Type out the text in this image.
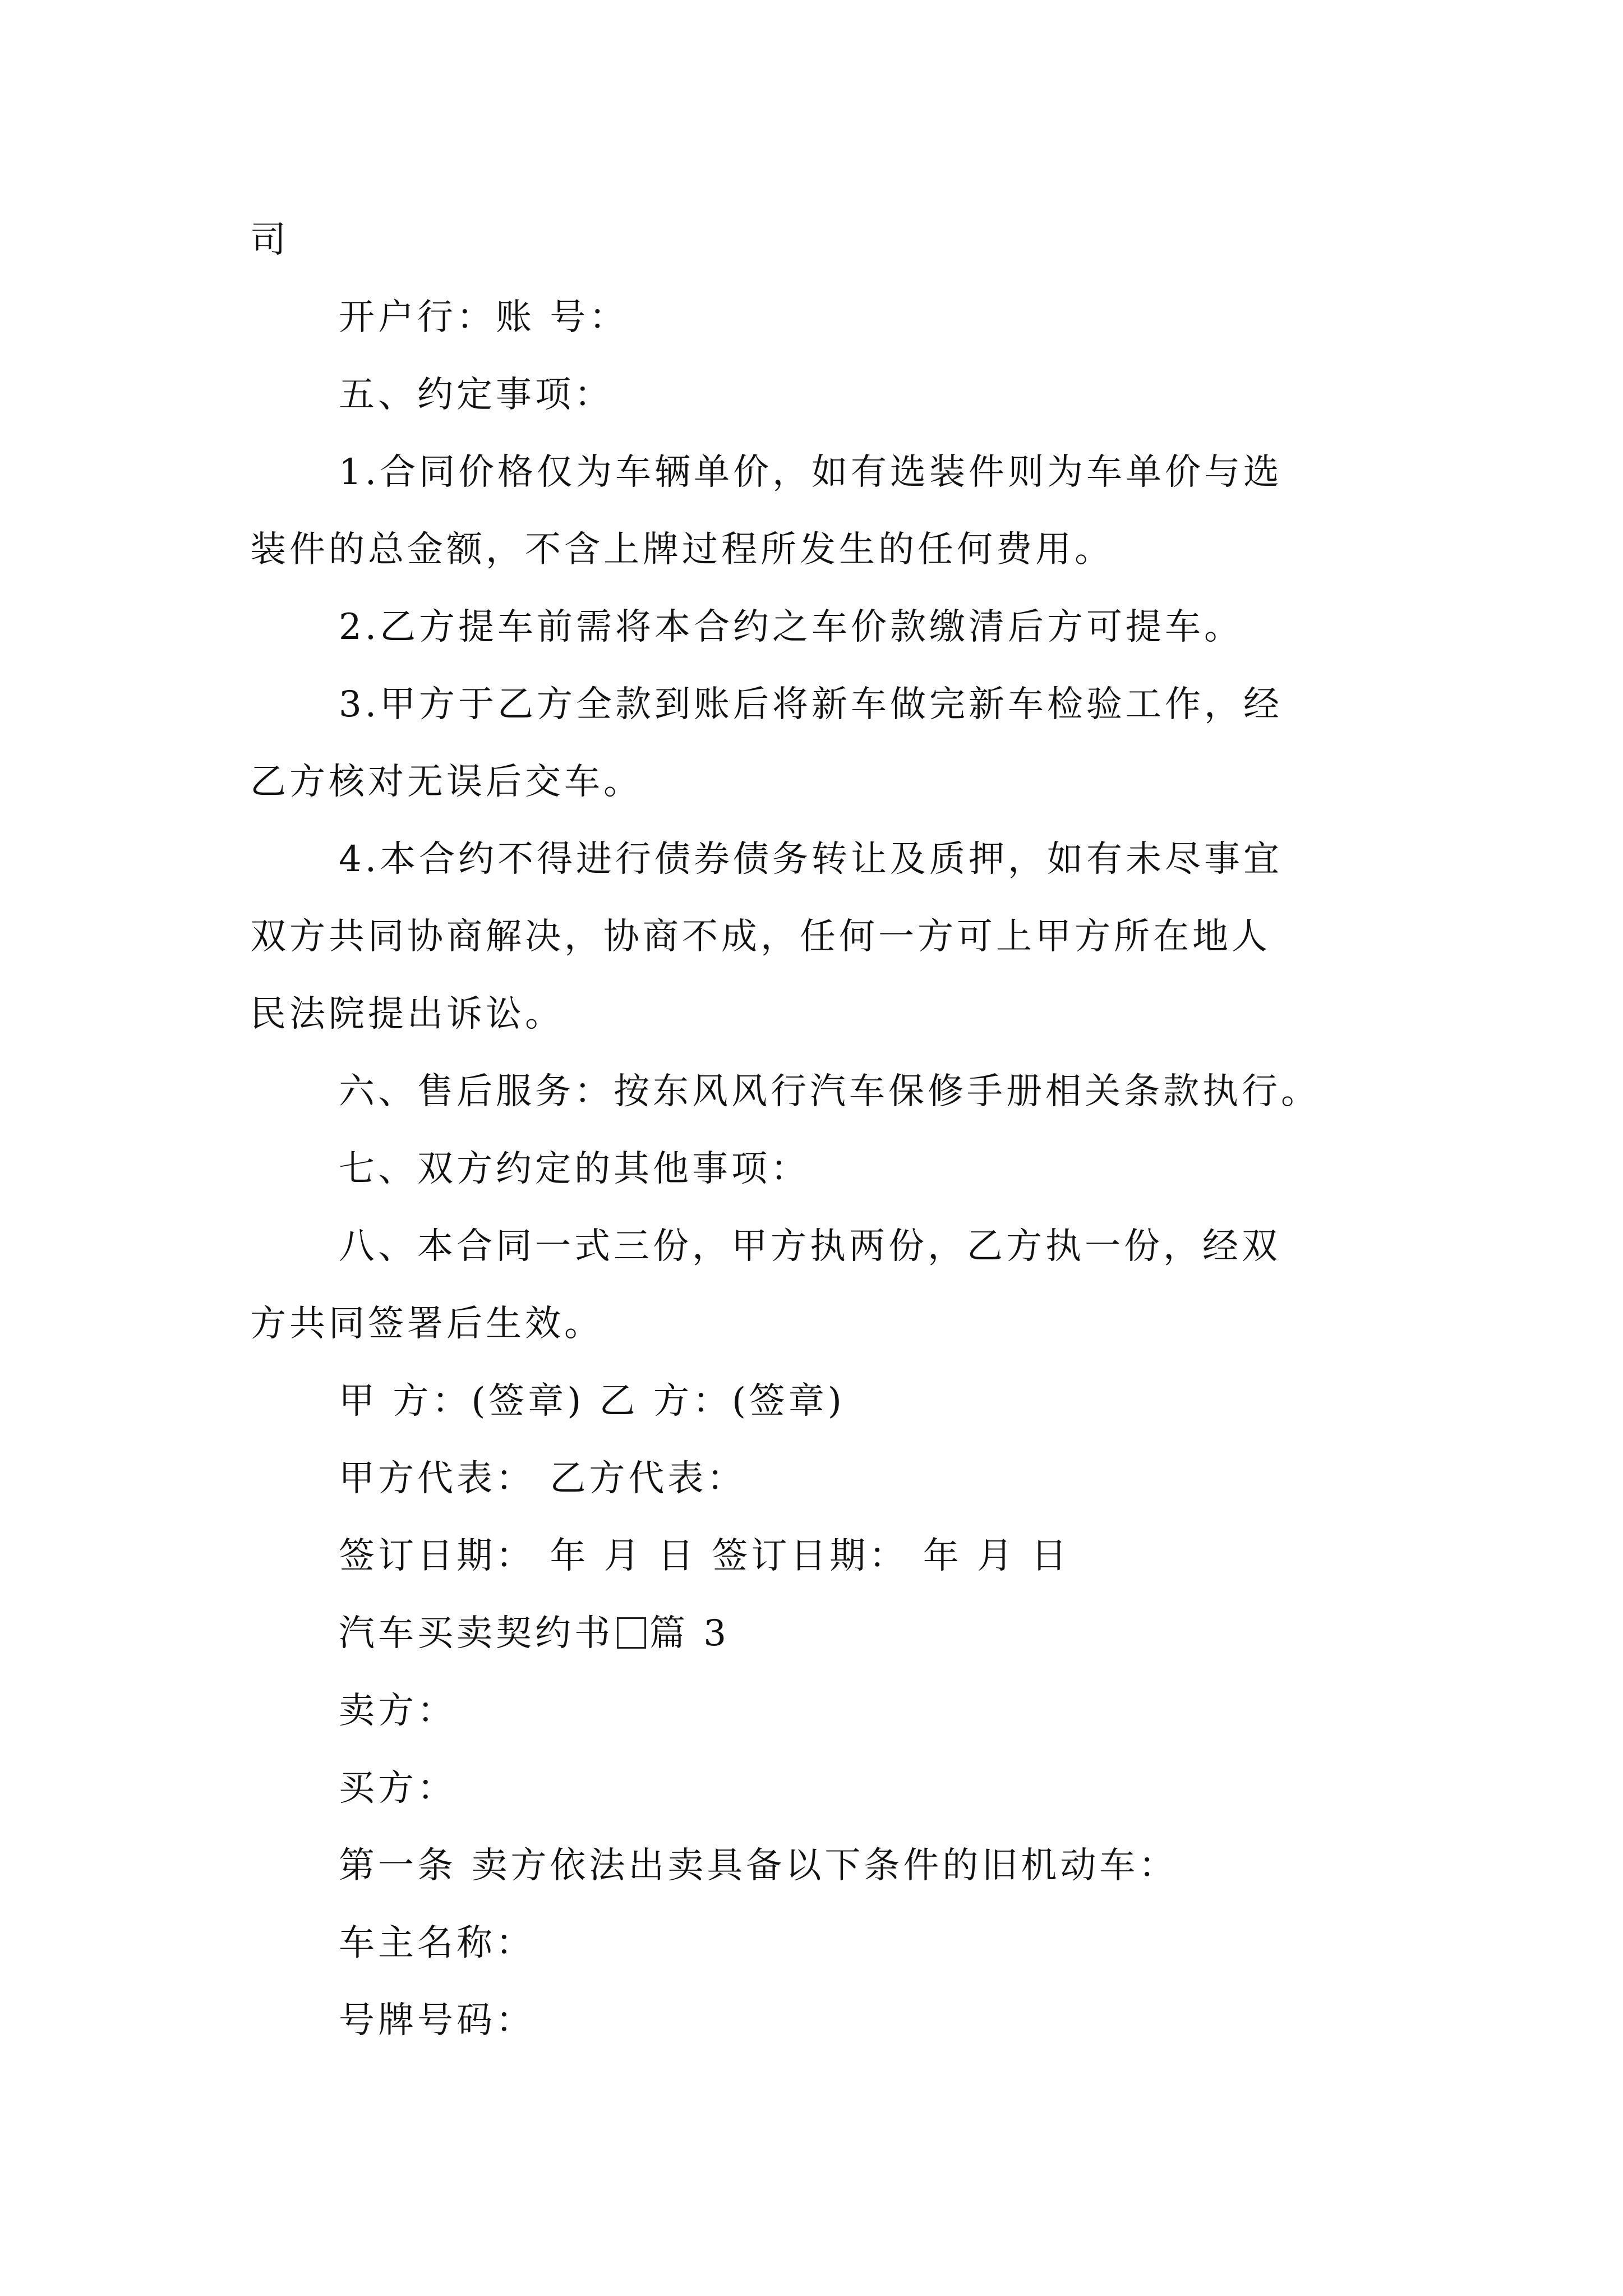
司
开户行：账 号：
五、约定事项：
1.合同价格仅为车辆单价，如有选装件则为车单价与选
装件的总金额，不含上牌过程所发生的任何费用。
2.乙方提车前需将本合约之车价款缴清后方可提车。
3.甲方于乙方全款到账后将新车做完新车检验工作，经
乙方核对无误后交车。
4.本合约不得进行债券债务转让及质押，如有未尽事宜
双方共同协商解决，协商不成，任何一方可上甲方所在地人
民法院提出诉讼。
六、售后服务：按东风风行汽车保修手册相关条款执行。
七、双方约定的其他事项：
八、本合同一式三份，甲方执两份，乙方执一份，经双
方共同签署后生效。
甲 方：(签章) 乙 方：(签章)
甲方代表： 乙方代表：
签订日期： 年 月 日 签订日期： 年 月 日
汽车买卖契约书 篇 3
卖方：
买方：
第一条 卖方依法出卖具备以下条件的旧机动车：
车主名称：
号牌号码：
